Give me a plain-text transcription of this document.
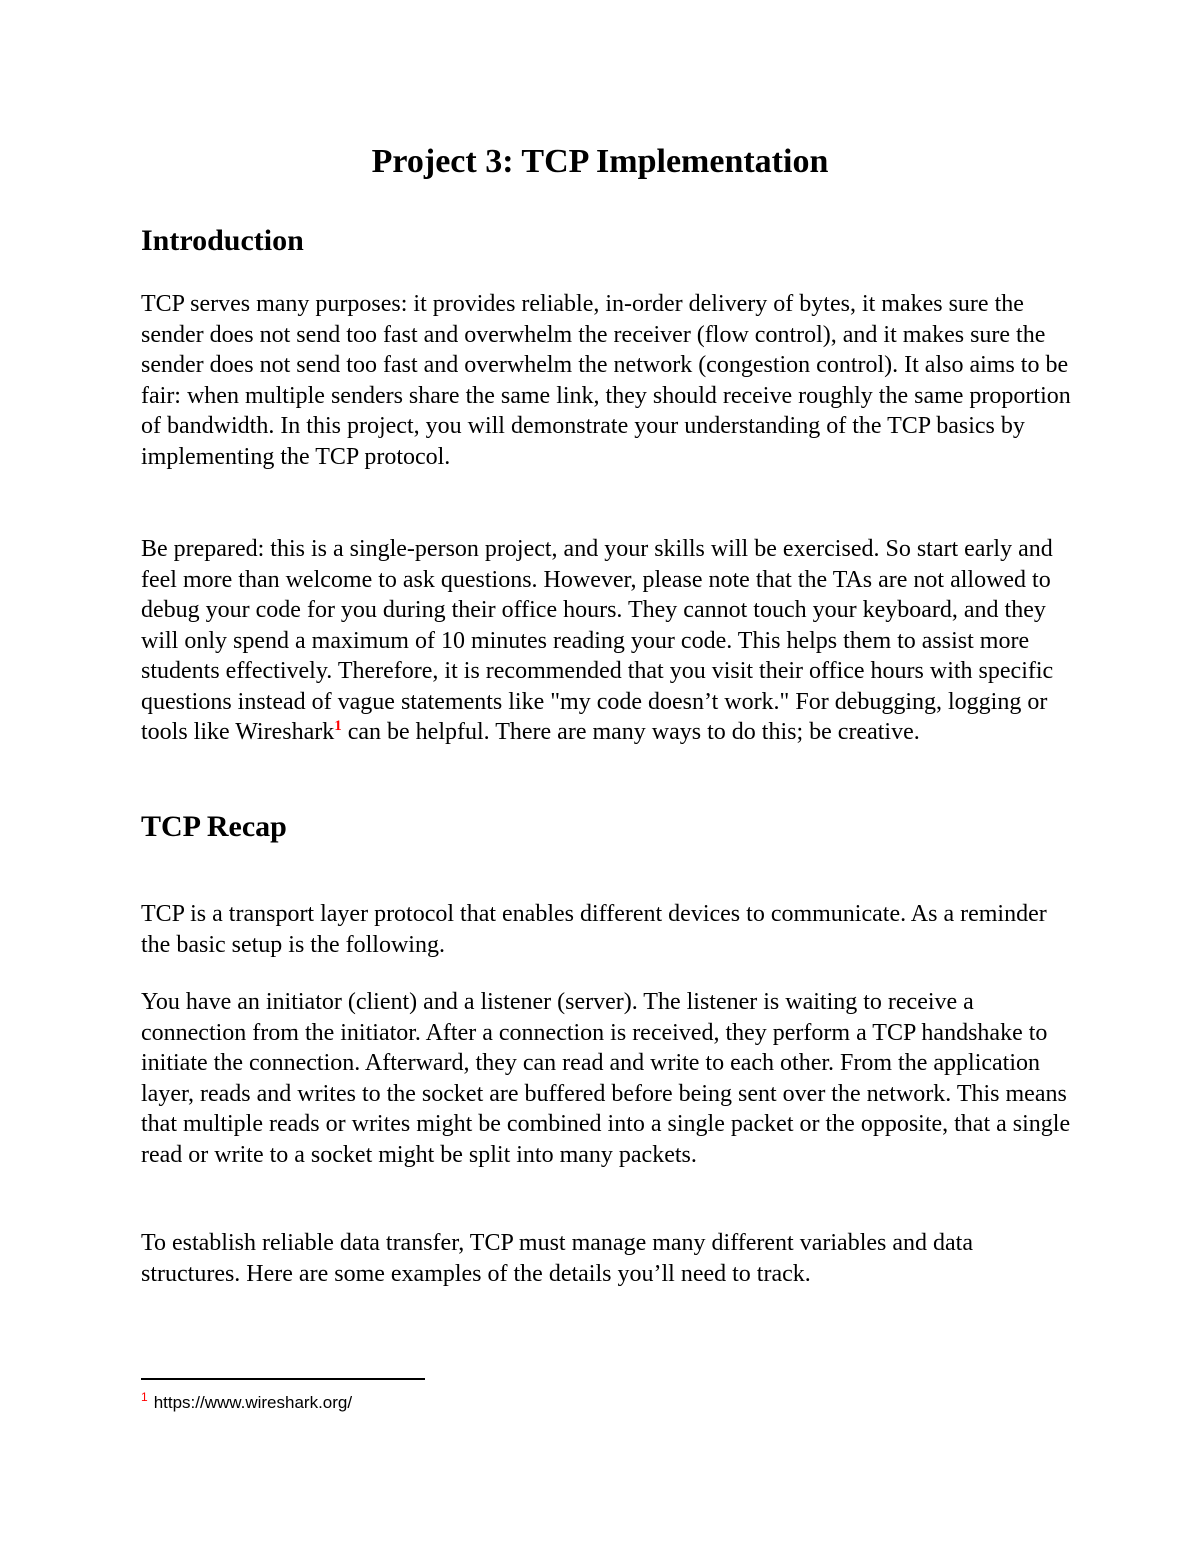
Project 3: TCP Implementation
Introduction

TCP serves many purposes: it provides reliable, in-order delivery of bytes, it makes sure the sender does not send too fast and overwhelm the receiver (flow control), and it makes sure the sender does not send too fast and overwhelm the network (congestion control). It also aims to be fair: when multiple senders share the same link, they should receive roughly the same proportion of bandwidth. In this project, you will demonstrate your understanding of the TCP basics by implementing the TCP protocol.

Be prepared: this is a single-person project, and your skills will be exercised. So start early and feel more than welcome to ask questions. However, please note that the TAs are not allowed to debug your code for you during their office hours. They cannot touch your keyboard, and they will only spend a maximum of 10 minutes reading your code. This helps them to assist more students effectively. Therefore, it is recommended that you visit their office hours with specific questions instead of vague statements like "my code doesn’t work." For debugging, logging or tools like Wireshark$^1$ can be helpful. There are many ways to do this; be creative.

TCP Recap

TCP is a transport layer protocol that enables different devices to communicate. As a reminder the basic setup is the following.

You have an initiator (client) and a listener (server). The listener is waiting to receive a connection from the initiator. After a connection is received, they perform a TCP handshake to initiate the connection. Afterward, they can read and write to each other. From the application layer, reads and writes to the socket are buffered before being sent over the network. This means that multiple reads or writes might be combined into a single packet or the opposite, that a single read or write to a socket might be split into many packets.

To establish reliable data transfer, TCP must manage many different variables and data structures. Here are some examples of the details you’ll need to track.

$^1$ https://www.wireshark.org/
